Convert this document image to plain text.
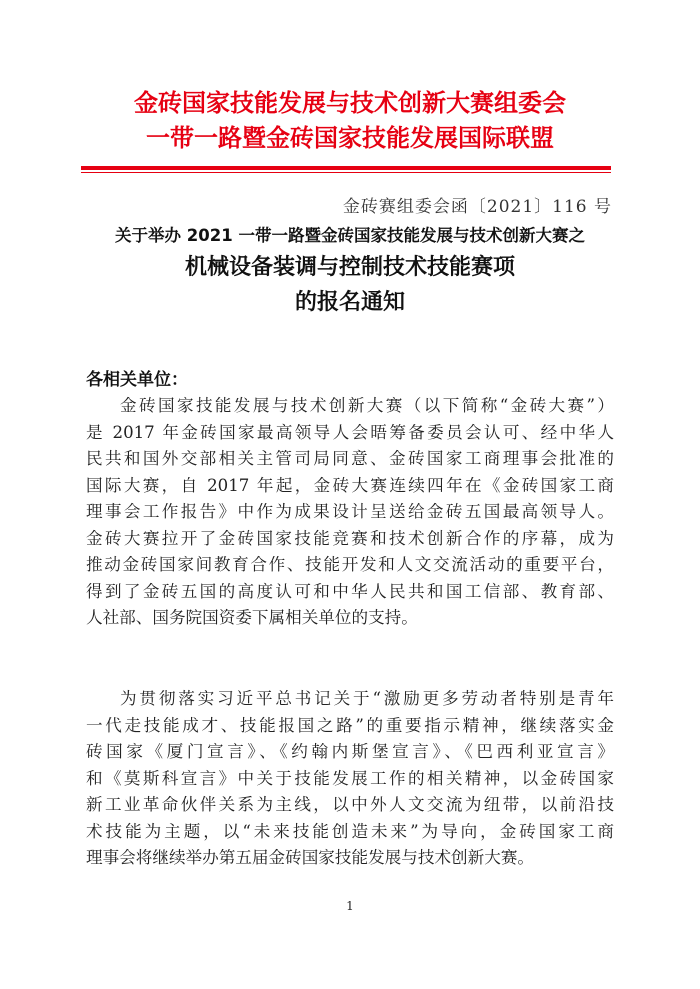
金砖国家技能发展与技术创新大赛组委会
一带一路暨金砖国家技能发展国际联盟
金砖赛组委会函〔2021〕116 号
关于举办 2021 一带一路暨金砖国家技能发展与技术创新大赛之
机械设备装调与控制技术技能赛项
的报名通知
各相关单位：
金砖国家技能发展与技术创新大赛（以下简称“金砖大赛”）
是 2017 年金砖国家最高领导人会晤筹备委员会认可、经中华人
民共和国外交部相关主管司局同意、金砖国家工商理事会批准的
国际大赛，自 2017 年起，金砖大赛连续四年在《金砖国家工商
理事会工作报告》中作为成果设计呈送给金砖五国最高领导人。
金砖大赛拉开了金砖国家技能竞赛和技术创新合作的序幕，成为
推动金砖国家间教育合作、技能开发和人文交流活动的重要平台，
得到了金砖五国的高度认可和中华人民共和国工信部、教育部、
人社部、国务院国资委下属相关单位的支持。
为贯彻落实习近平总书记关于“激励更多劳动者特别是青年
一代走技能成才、技能报国之路”的重要指示精神，继续落实金
砖国家《厦门宣言》、《约翰内斯堡宣言》、《巴西利亚宣言》
和《莫斯科宣言》中关于技能发展工作的相关精神，以金砖国家
新工业革命伙伴关系为主线，以中外人文交流为纽带，以前沿技
术技能为主题，以“未来技能创造未来”为导向，金砖国家工商
理事会将继续举办第五届金砖国家技能发展与技术创新大赛。
1
